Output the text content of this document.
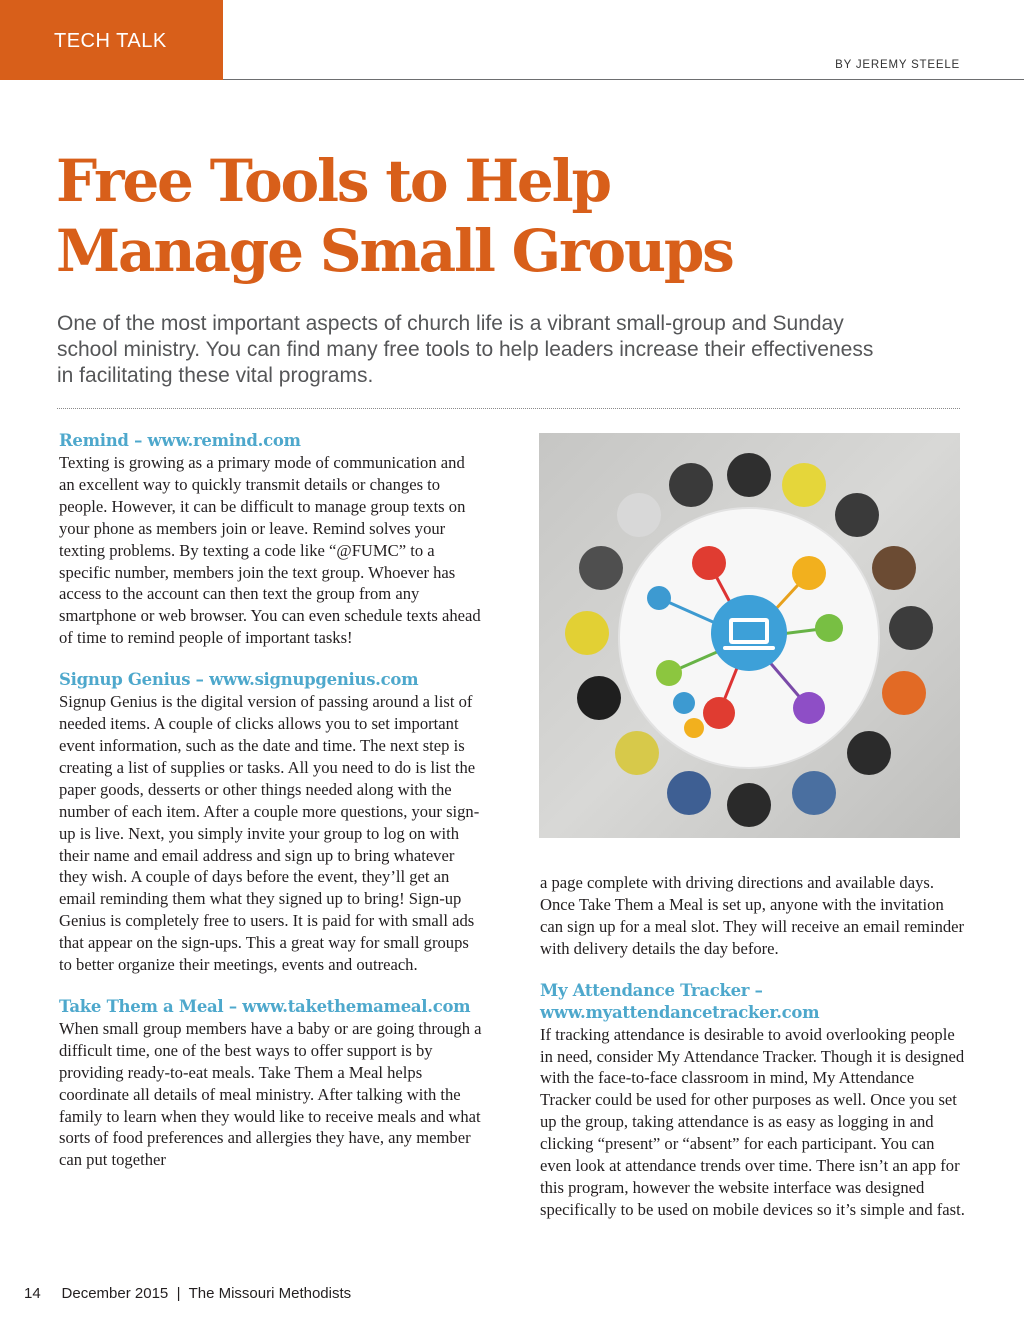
TECH TALK
BY JEREMY STEELE
Free Tools to Help
Manage Small Groups

One of the most important aspects of church life is a vibrant small-group and Sunday school ministry. You can find many free tools to help leaders increase their effectiveness in facilitating these vital programs.

Remind – www.remind.com

Texting is growing as a primary mode of communication and an excellent way to quickly transmit details or changes to people. However, it can be difficult to manage group texts on your phone as members join or leave. Remind solves your texting problems. By texting a code like “@FUMC” to a specific number, members join the text group. Whoever has access to the account can then text the group from any smartphone or web browser. You can even schedule texts ahead of time to remind people of important tasks!

Signup Genius – www.signupgenius.com

Signup Genius is the digital version of passing around a list of needed items. A couple of clicks allows you to set important event information, such as the date and time. The next step is creating a list of supplies or tasks. All you need to do is list the paper goods, desserts or other things needed along with the number of each item. After a couple more questions, your sign-up is live. Next, you simply invite your group to log on with their name and email address and sign up to bring whatever they wish. A couple of days before the event, they’ll get an email reminding them what they signed up to bring! Sign-up Genius is completely free to users. It is paid for with small ads that appear on the sign-ups. This a great way for small groups to better organize their meetings, events and outreach.

Take Them a Meal – www.takethemameal.com

When small group members have a baby or are going through a difficult time, one of the best ways to offer support is by providing ready-to-eat meals. Take Them a Meal helps coordinate all details of meal ministry. After talking with the family to learn when they would like to receive meals and what sorts of food preferences and allergies they have, any member can put together

a page complete with driving directions and available days. Once Take Them a Meal is set up, anyone with the invitation can sign up for a meal slot. They will receive an email reminder with delivery details the day before.

My Attendance Tracker – www.myattendancetracker.com

If tracking attendance is desirable to avoid overlooking people in need, consider My Attendance Tracker. Though it is designed with the face-to-face classroom in mind, My Attendance Tracker could be used for other purposes as well. Once you set up the group, taking attendance is as easy as logging in and clicking “present” or “absent” for each participant. You can even look at attendance trends over time. There isn’t an app for this program, however the website interface was designed specifically to be used on mobile devices so it’s simple and fast.

14 December 2015 | The Missouri Methodists
